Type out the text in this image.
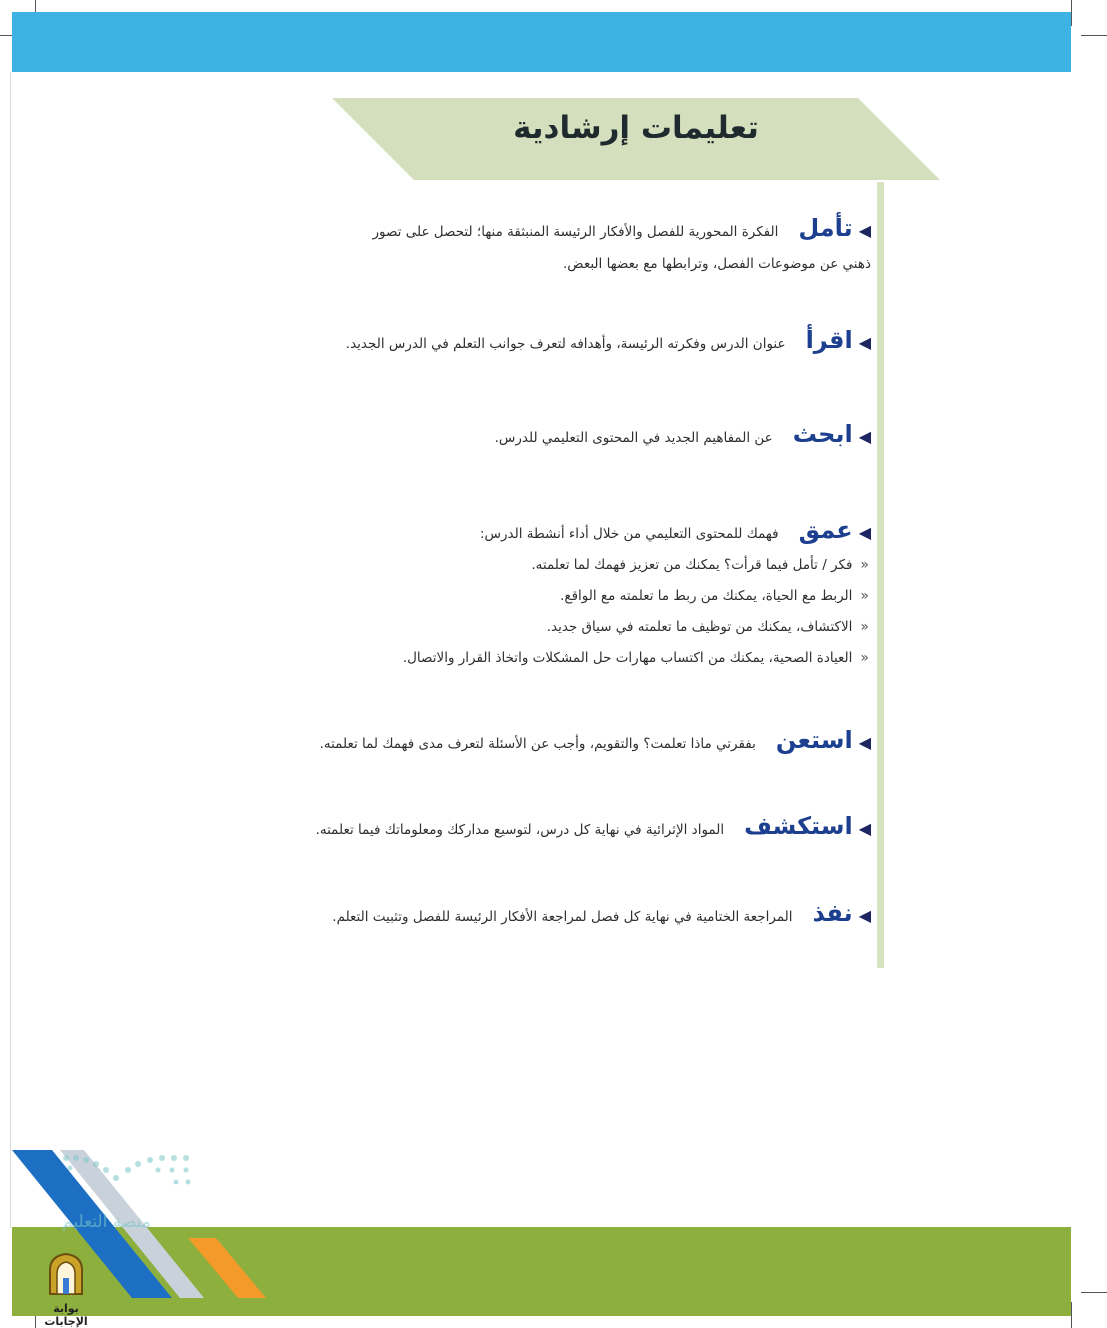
تعليمات إرشادية
◀
تأمل
الفكرة المحورية للفصل والأفكار الرئيسة المنبثقة منها؛ لتحصل على تصور
ذهني عن موضوعات الفصل، وترابطها مع بعضها البعض.
◀
اقرأ
عنوان الدرس وفكرته الرئيسة، وأهدافه لتعرف جوانب التعلم في الدرس الجديد.
◀
ابحث
عن المفاهيم الجديد في المحتوى التعليمي للدرس.
◀
عمق
فهمك للمحتوى التعليمي من خلال أداء أنشطة الدرس:
«فكر / تأمل فيما قرأت؟ يمكنك من تعزيز فهمك لما تعلمته.
«الربط مع الحياة، يمكنك من ربط ما تعلمته مع الواقع.
«الاكتشاف، يمكنك من توظيف ما تعلمته في سياق جديد.
«العيادة الصحية، يمكنك من اكتساب مهارات حل المشكلات واتخاذ القرار والاتصال.
◀
استعن
بفقرتي ماذا تعلمت؟ والتقويم، وأجب عن الأسئلة لتعرف مدى فهمك لما تعلمته.
◀
استكشف
المواد الإثرائية في نهاية كل درس، لتوسيع مداركك ومعلوماتك فيما تعلمته.
◀
نفذ
المراجعة الختامية في نهاية كل فصل لمراجعة الأفكار الرئيسة للفصل وتثبيت التعلم.
منصة التعليم
بوابة الإجابات
